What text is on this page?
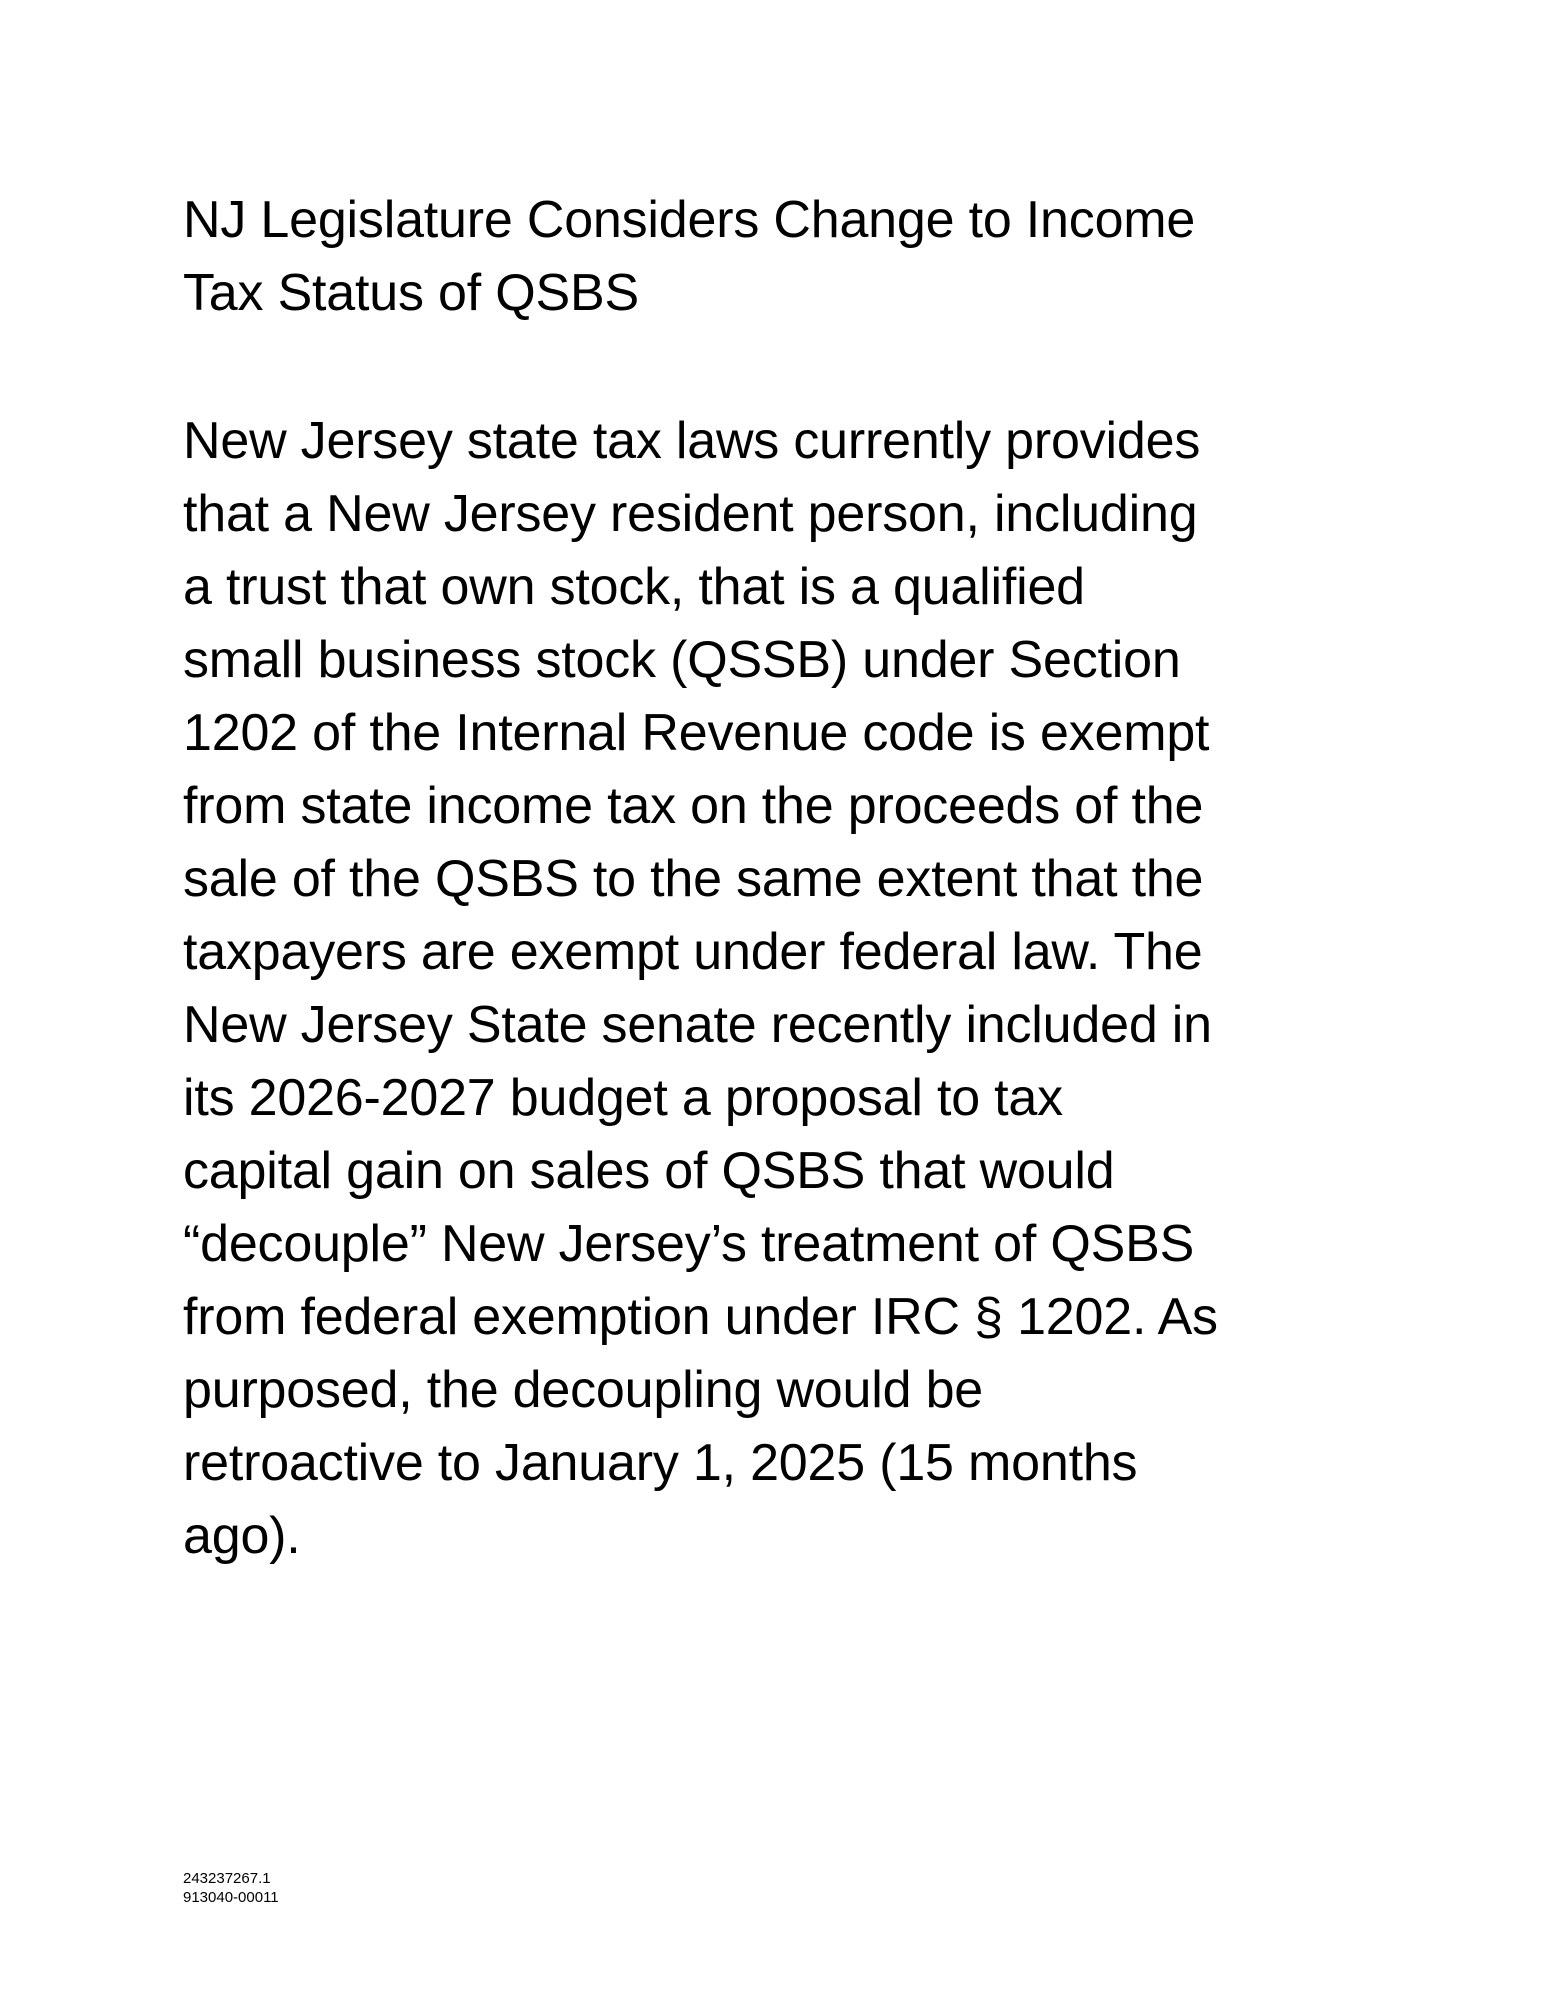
NJ Legislature Considers Change to Income
Tax Status of QSBS
New Jersey state tax laws currently provides
that a New Jersey resident person, including
a trust that own stock, that is a qualified
small business stock (QSSB) under Section
1202 of the Internal Revenue code is exempt
from state income tax on the proceeds of the
sale of the QSBS to the same extent that the
taxpayers are exempt under federal law. The
New Jersey State senate recently included in
its 2026-2027 budget a proposal to tax
capital gain on sales of QSBS that would
“decouple” New Jersey’s treatment of QSBS
from federal exemption under IRC § 1202. As
purposed, the decoupling would be
retroactive to January 1, 2025 (15 months
ago).
243237267.1
913040-00011
